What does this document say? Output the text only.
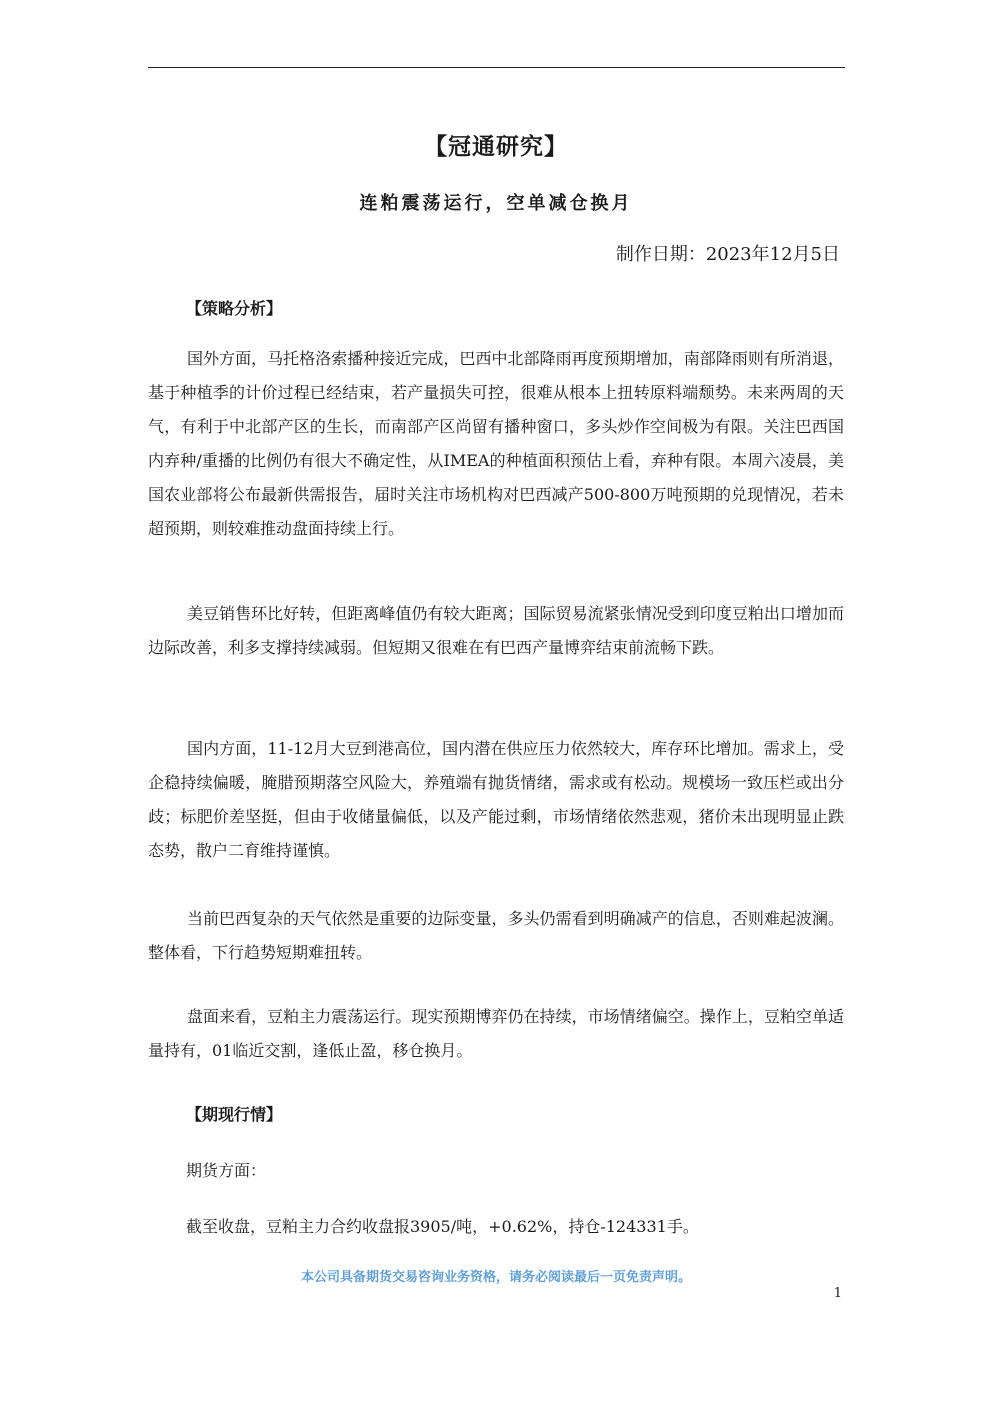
【冠通研究】
连粕震荡运行，空单减仓换月
制作日期：2023年12月5日
【策略分析】

国外方面，马托格洛索播种接近完成，巴西中北部降雨再度预期增加，南部降雨则有所消退，基于种植季的计价过程已经结束，若产量损失可控，很难从根本上扭转原料端颓势。未来两周的天气，有利于中北部产区的生长，而南部产区尚留有播种窗口，多头炒作空间极为有限。关注巴西国内弃种/重播的比例仍有很大不确定性，从IMEA的种植面积预估上看，弃种有限。本周六凌晨，美国农业部将公布最新供需报告，届时关注市场机构对巴西减产500-800万吨预期的兑现情况，若未超预期，则较难推动盘面持续上行。

美豆销售环比好转，但距离峰值仍有较大距离；国际贸易流紧张情况受到印度豆粕出口增加而边际改善，利多支撑持续减弱。但短期又很难在有巴西产量博弈结束前流畅下跌。

国内方面，11-12月大豆到港高位，国内潜在供应压力依然较大，库存环比增加。需求上，受企稳持续偏暖，腌腊预期落空风险大，养殖端有抛货情绪，需求或有松动。规模场一致压栏或出分歧；标肥价差坚挺，但由于收储量偏低，以及产能过剩，市场情绪依然悲观，猪价未出现明显止跌态势，散户二育维持谨慎。

当前巴西复杂的天气依然是重要的边际变量，多头仍需看到明确减产的信息，否则难起波澜。整体看，下行趋势短期难扭转。

盘面来看，豆粕主力震荡运行。现实预期博弈仍在持续，市场情绪偏空。操作上，豆粕空单适量持有，01临近交割，逢低止盈，移仓换月。

【期现行情】
期货方面：
截至收盘，豆粕主力合约收盘报3905/吨，+0.62%，持仓-124331手。
本公司具备期货交易咨询业务资格，请务必阅读最后一页免责声明。
1
